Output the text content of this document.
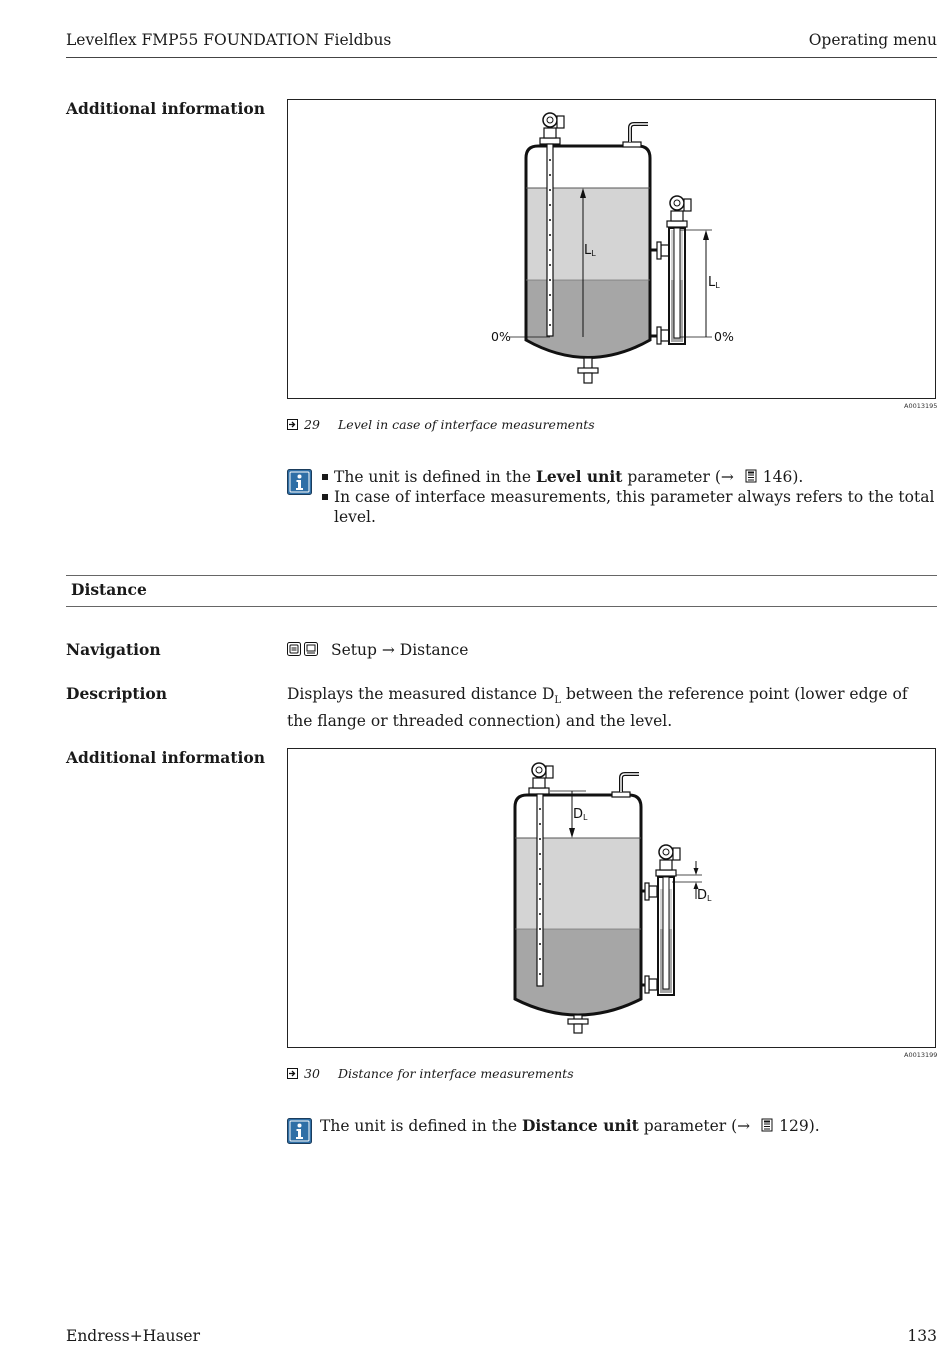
Levelflex FMP55 FOUNDATION Fieldbus	Operating menu
Additional information
LL
0%
LL
0%
A0013195
29 Level in case of interface measurements
The unit is defined in the Level unit parameter (→ 146).
In case of interface measurements, this parameter always refers to the total level.
Distance
Navigation	Setup → Distance
Description	Displays the measured distance $D_L$ between the reference point (lower edge of the flange or threaded connection) and the level.
Additional information
DL
DL
A0013199
30 Distance for interface measurements
The unit is defined in the Distance unit parameter (→ 129).
Endress+Hauser	133
